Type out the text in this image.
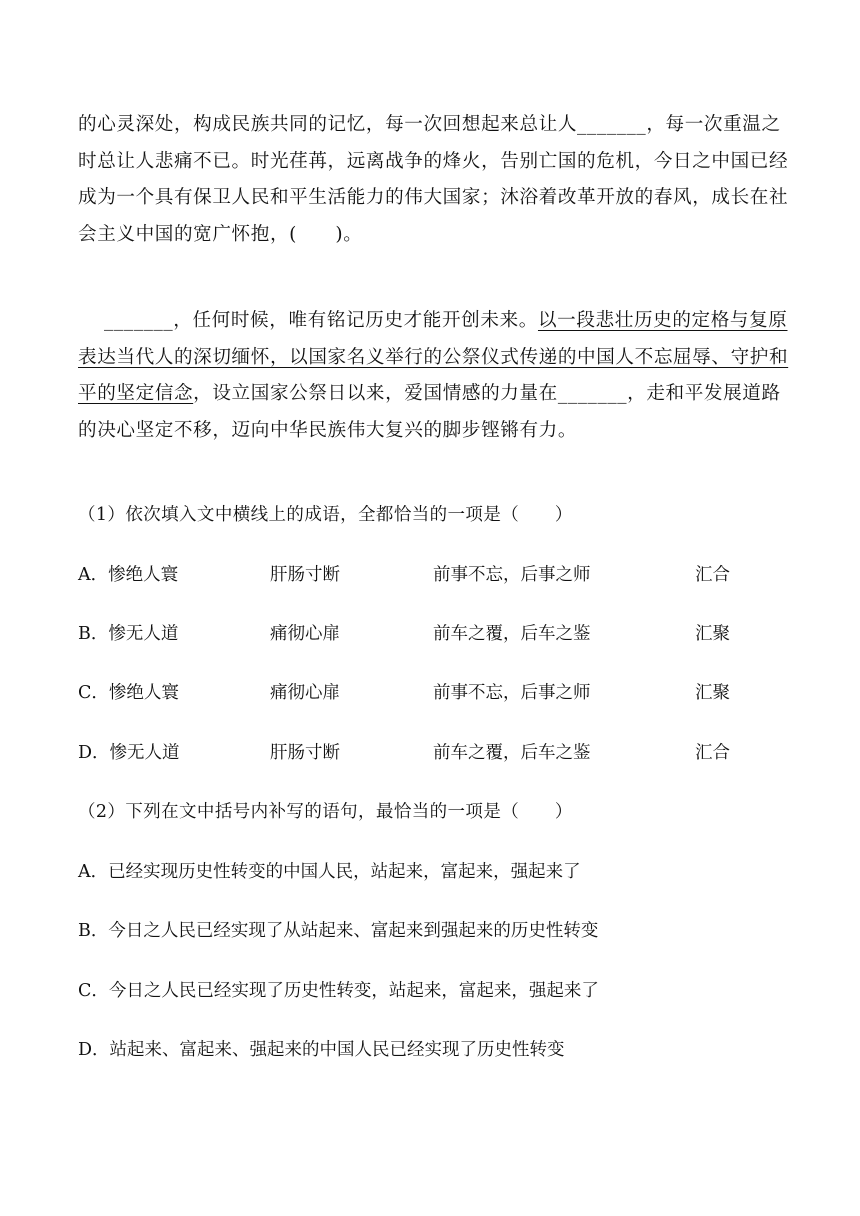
的心灵深处，构成民族共同的记忆，每一次回想起来总让人_______，每一次重温之时总让人悲痛不已。时光荏苒，远离战争的烽火，告别亡国的危机，今日之中国已经成为一个具有保卫人民和平生活能力的伟大国家；沐浴着改革开放的春风，成长在社会主义中国的宽广怀抱，(　　)。
_______，任何时候，唯有铭记历史才能开创未来。以一段悲壮历史的定格与复原表达当代人的深切缅怀，以国家名义举行的公祭仪式传递的中国人不忘屈辱、守护和平的坚定信念，设立国家公祭日以来，爱国情感的力量在_______，走和平发展道路的决心坚定不移，迈向中华民族伟大复兴的脚步铿锵有力。
（1）依次填入文中横线上的成语，全都恰当的一项是（　　）
A．惨绝人寰	肝肠寸断	前事不忘，后事之师	汇合
B．惨无人道	痛彻心扉	前车之覆，后车之鉴	汇聚
C．惨绝人寰	痛彻心扉	前事不忘，后事之师	汇聚
D．惨无人道	肝肠寸断	前车之覆，后车之鉴	汇合
（2）下列在文中括号内补写的语句，最恰当的一项是（　　）
A．已经实现历史性转变的中国人民，站起来，富起来，强起来了
B．今日之人民已经实现了从站起来、富起来到强起来的历史性转变
C．今日之人民已经实现了历史性转变，站起来，富起来，强起来了
D．站起来、富起来、强起来的中国人民已经实现了历史性转变
